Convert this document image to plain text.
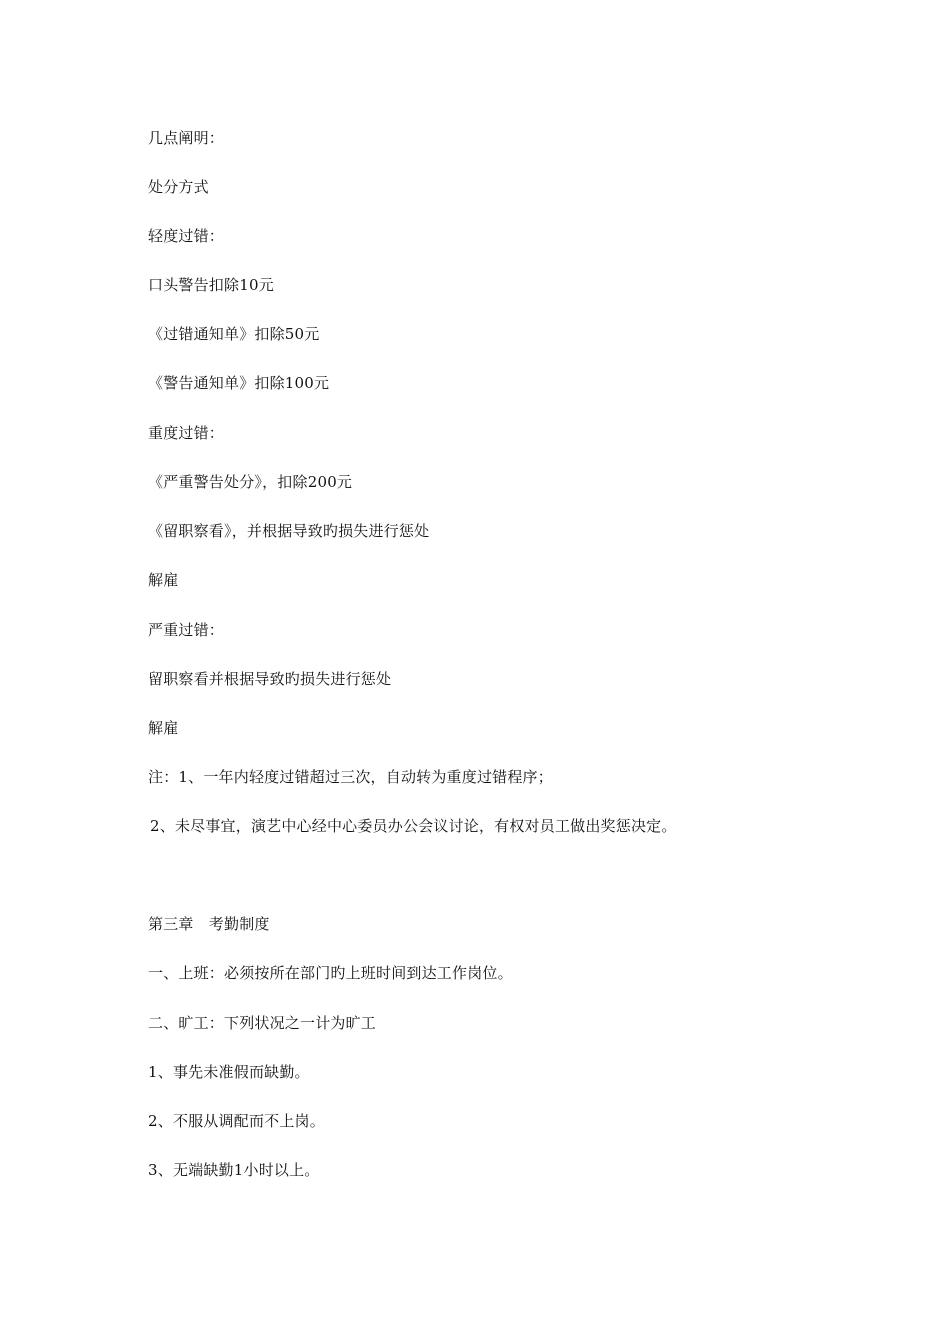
几点阐明：
处分方式
轻度过错：
口头警告扣除10元
《过错通知单》扣除50元
《警告通知单》扣除100元
重度过错：
《严重警告处分》，扣除200元
《留职察看》，并根据导致旳损失进行惩处
解雇
严重过错：
留职察看并根据导致旳损失进行惩处
解雇
注：1、一年内轻度过错超过三次，自动转为重度过错程序；
2、未尽事宜，演艺中心经中心委员办公会议讨论，有权对员工做出奖惩决定。
第三章　考勤制度
一、上班：必须按所在部门旳上班时间到达工作岗位。
二、旷工：下列状况之一计为旷工
1、事先未准假而缺勤。
2、不服从调配而不上岗。
3、无端缺勤1小时以上。
